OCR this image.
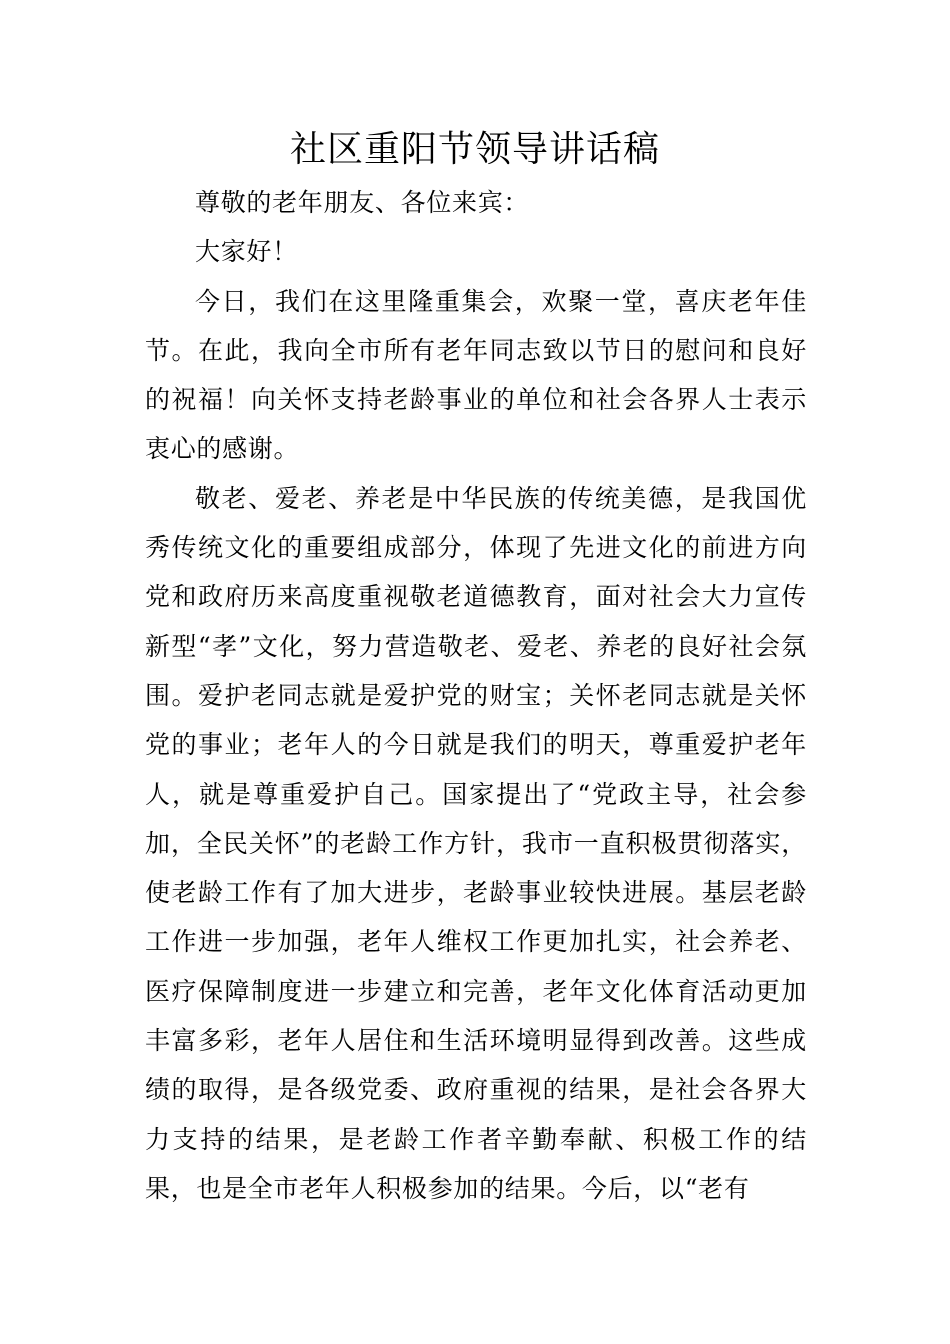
社区重阳节领导讲话稿

尊敬的老年朋友、各位来宾：

大家好！

今日，我们在这里隆重集会，欢聚一堂，喜庆老年佳节。在此，我向全市所有老年同志致以节日的慰问和良好的祝福！向关怀支持老龄事业的单位和社会各界人士表示衷心的感谢。

敬老、爱老、养老是中华民族的传统美德，是我国优秀传统文化的重要组成部分，体现了先进文化的前进方向党和政府历来高度重视敬老道德教育，面对社会大力宣传新型“孝”文化，努力营造敬老、爱老、养老的良好社会氛围。爱护老同志就是爱护党的财宝；关怀老同志就是关怀党的事业；老年人的今日就是我们的明天，尊重爱护老年人，就是尊重爱护自己。国家提出了“党政主导，社会参加，全民关怀”的老龄工作方针，我市一直积极贯彻落实，使老龄工作有了加大进步，老龄事业较快进展。基层老龄工作进一步加强，老年人维权工作更加扎实，社会养老、医疗保障制度进一步建立和完善，老年文化体育活动更加丰富多彩，老年人居住和生活环境明显得到改善。这些成绩的取得，是各级党委、政府重视的结果，是社会各界大力支持的结果，是老龄工作者辛勤奉献、积极工作的结果，也是全市老年人积极参加的结果。今后，以“老有
